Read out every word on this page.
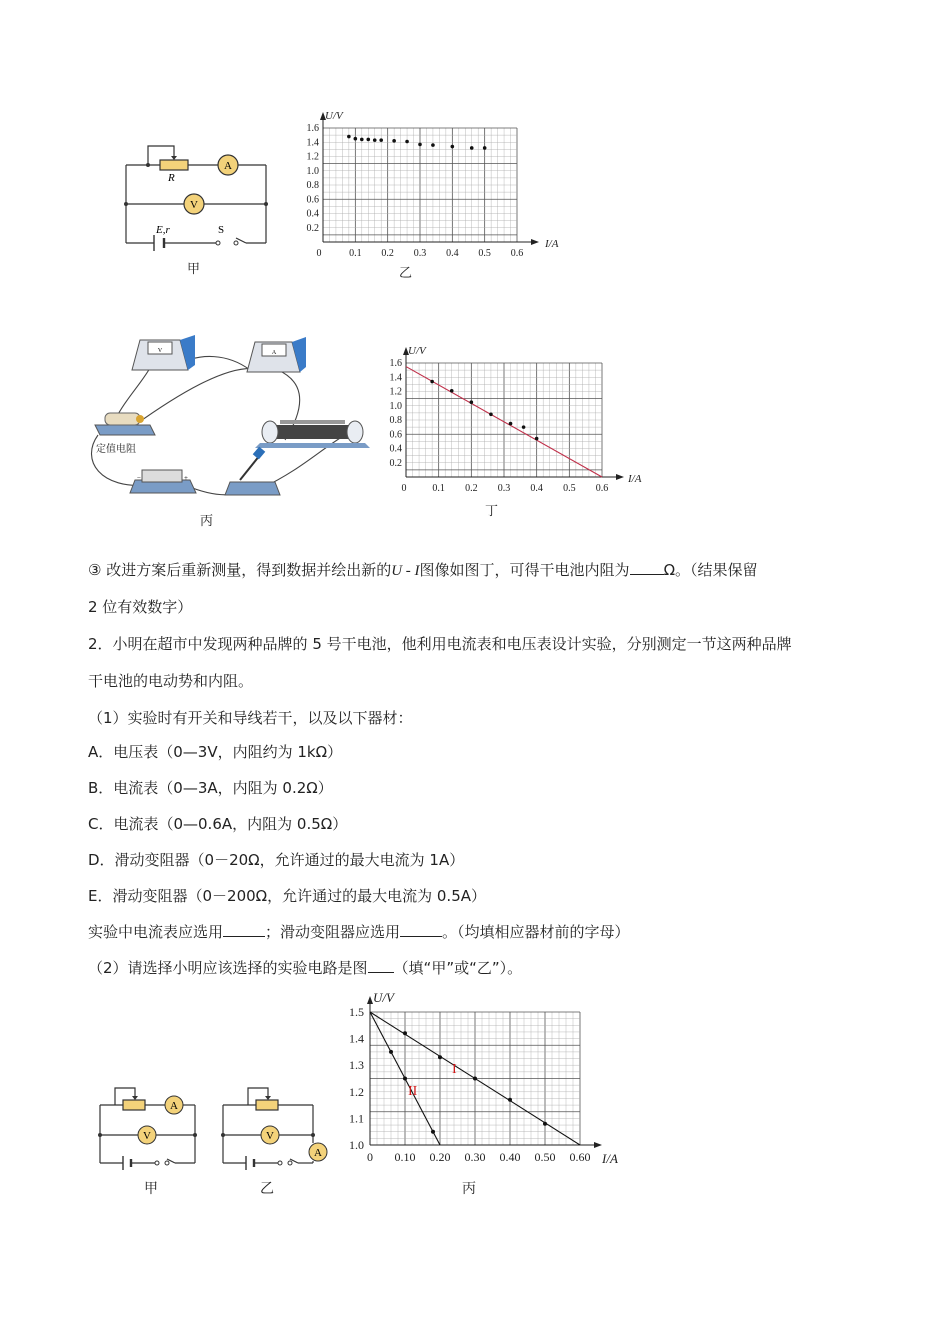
A
V
R
E,r	S
甲
0	0.1 0.2 0.3 0.4 0.5 0.6
0.2
0.4
0.6
0.8
1.0
1.2
1.4
1.6
U/V
I/A
乙
V	A
−	+
定值电阻
丙
0	0.1 0.2 0.3 0.4 0.5 0.6
0.2
0.4
0.6
0.8
1.0
1.2
1.4
1.6
U/V
I/A
丁
③ 改进方案后重新测量，得到数据并绘出新的U - I图像如图丁，可得干电池内阻为 Ω。（结果保留
2 位有效数字）
2．小明在超市中发现两种品牌的 5 号干电池，他利用电流表和电压表设计实验，分别测定一节这两种品牌
干电池的电动势和内阻。
（1）实验时有开关和导线若干，以及以下器材：
A．电压表（0—3V，内阻约为 1kΩ）
B．电流表（0—3A，内阻为 0.2Ω）
C．电流表（0—0.6A，内阻为 0.5Ω）
D．滑动变阻器（0－20Ω，允许通过的最大电流为 1A）
E．滑动变阻器（0－200Ω，允许通过的最大电流为 0.5A）
实验中电流表应选用	；滑动变阻器应选用	。（均填相应器材前的字母）
（2）请选择小明应该选择的实验电路是图 （填“甲”或“乙”）。
A
V
甲
V
A
乙
0 0.10 0.20 0.30 0.40 0.50 0.60
1.0
1.1
1.2
1.3
1.4
1.5
U/V
I/A
I
II
丙
